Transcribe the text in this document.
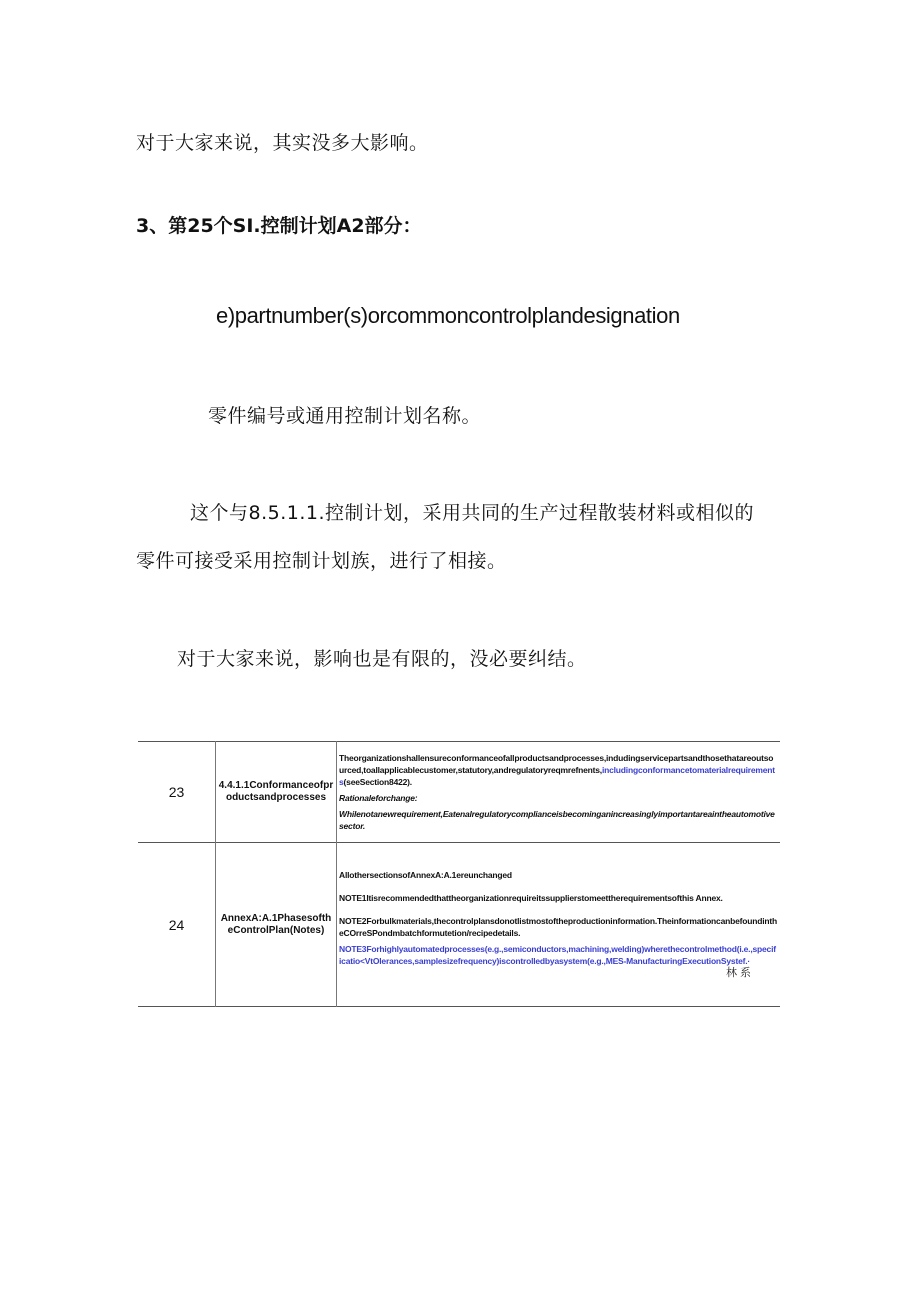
对于大家来说，其实没多大影响。

3、第25个SI.控制计划A2部分：

e)partnumber(s)orcommoncontrolplandesignation

零件编号或通用控制计划名称。

这个与8.5.1.1.控制计划，采用共同的生产过程散装材料或相似的

零件可接受采用控制计划族，进行了相接。

对于大家来说，影响也是有限的，没必要纠结。

23	4.4.1.1Conformanceofproductsandprocesses	Theorganizationshallensureconformanceofallproductsandprocesses,indudingservicepartsandthosethatareoutsourced,toallapplicablecustomer,statutory,andregulatoryreqmrefnents,includingconfoгmancetomaterialrequirements(seeSection8422).
Rationaleforchange:
Whilenotanewrequirement,Eatenalregulatorycomplianceisbecominganincreasinglyimportantareaintheautomotivesector.
24	AnnexA:A.1PhasesoftheControlPlan(Notes)	AllothersectionsofAnnexA:A.1ereunchanged
NOTE1Itisrecommendedthattheorganizationrequireitssupplierstomeettherequirementsofthis Annex.
NOTE2Forbulkmaterials,thecontrolplansdonotlistmostoftheproductioninformation.TheinformationcanbefoundintheCOrreSPondmbatchformutetion/recipedetails.
NOTE3Forhighlyautomatedprocesses(e.g.,semiconductors,machining,welding)wherethecontrolmethod(i.e.,specificatio<VtOlerances,samplesizefrequency)iscontrolledbyasystem(e.g.,MES-ManufacturingExecutionSystef.·
林系
